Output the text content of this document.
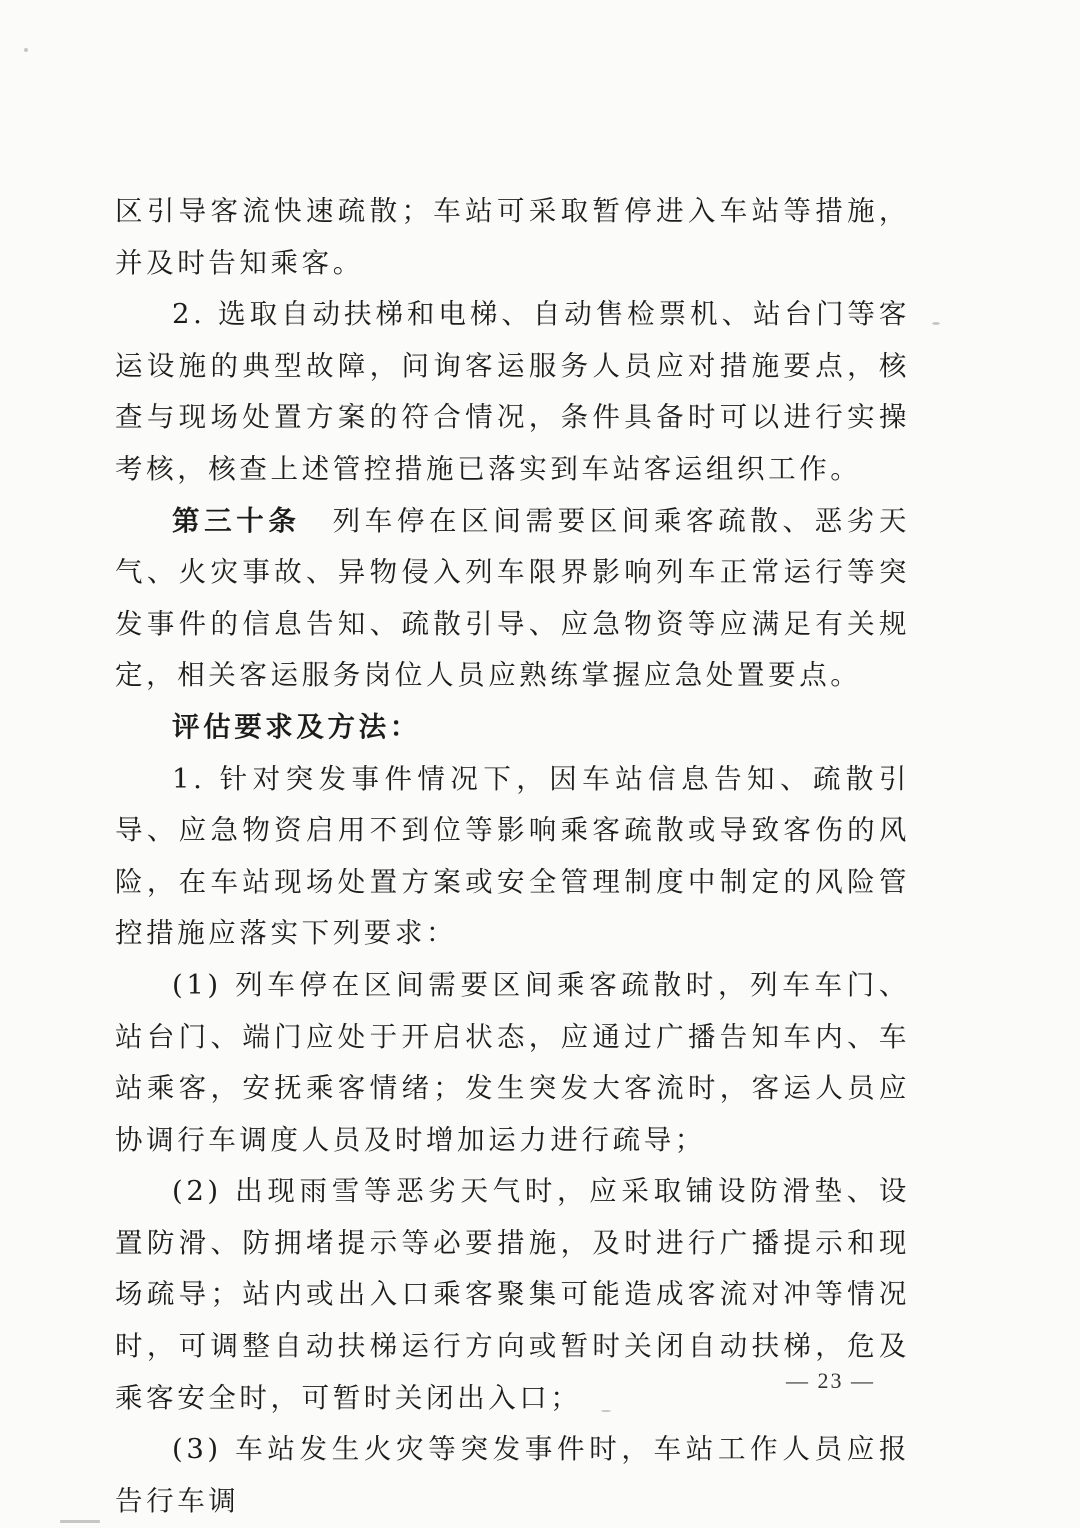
区引导客流快速疏散；车站可采取暂停进入车站等措施，并及时告知乘客。

2. 选取自动扶梯和电梯、自动售检票机、站台门等客运设施的典型故障，问询客运服务人员应对措施要点，核查与现场处置方案的符合情况，条件具备时可以进行实操考核，核查上述管控措施已落实到车站客运组织工作。

第三十条　列车停在区间需要区间乘客疏散、恶劣天气、火灾事故、异物侵入列车限界影响列车正常运行等突发事件的信息告知、疏散引导、应急物资等应满足有关规定，相关客运服务岗位人员应熟练掌握应急处置要点。

评估要求及方法：

1. 针对突发事件情况下，因车站信息告知、疏散引导、应急物资启用不到位等影响乘客疏散或导致客伤的风险，在车站现场处置方案或安全管理制度中制定的风险管控措施应落实下列要求：

(1) 列车停在区间需要区间乘客疏散时，列车车门、站台门、端门应处于开启状态，应通过广播告知车内、车站乘客，安抚乘客情绪；发生突发大客流时，客运人员应协调行车调度人员及时增加运力进行疏导；

(2) 出现雨雪等恶劣天气时，应采取铺设防滑垫、设置防滑、防拥堵提示等必要措施，及时进行广播提示和现场疏导；站内或出入口乘客聚集可能造成客流对冲等情况时，可调整自动扶梯运行方向或暂时关闭自动扶梯，危及乘客安全时，可暂时关闭出入口；

(3) 车站发生火灾等突发事件时，车站工作人员应报告行车调

— 23 —
